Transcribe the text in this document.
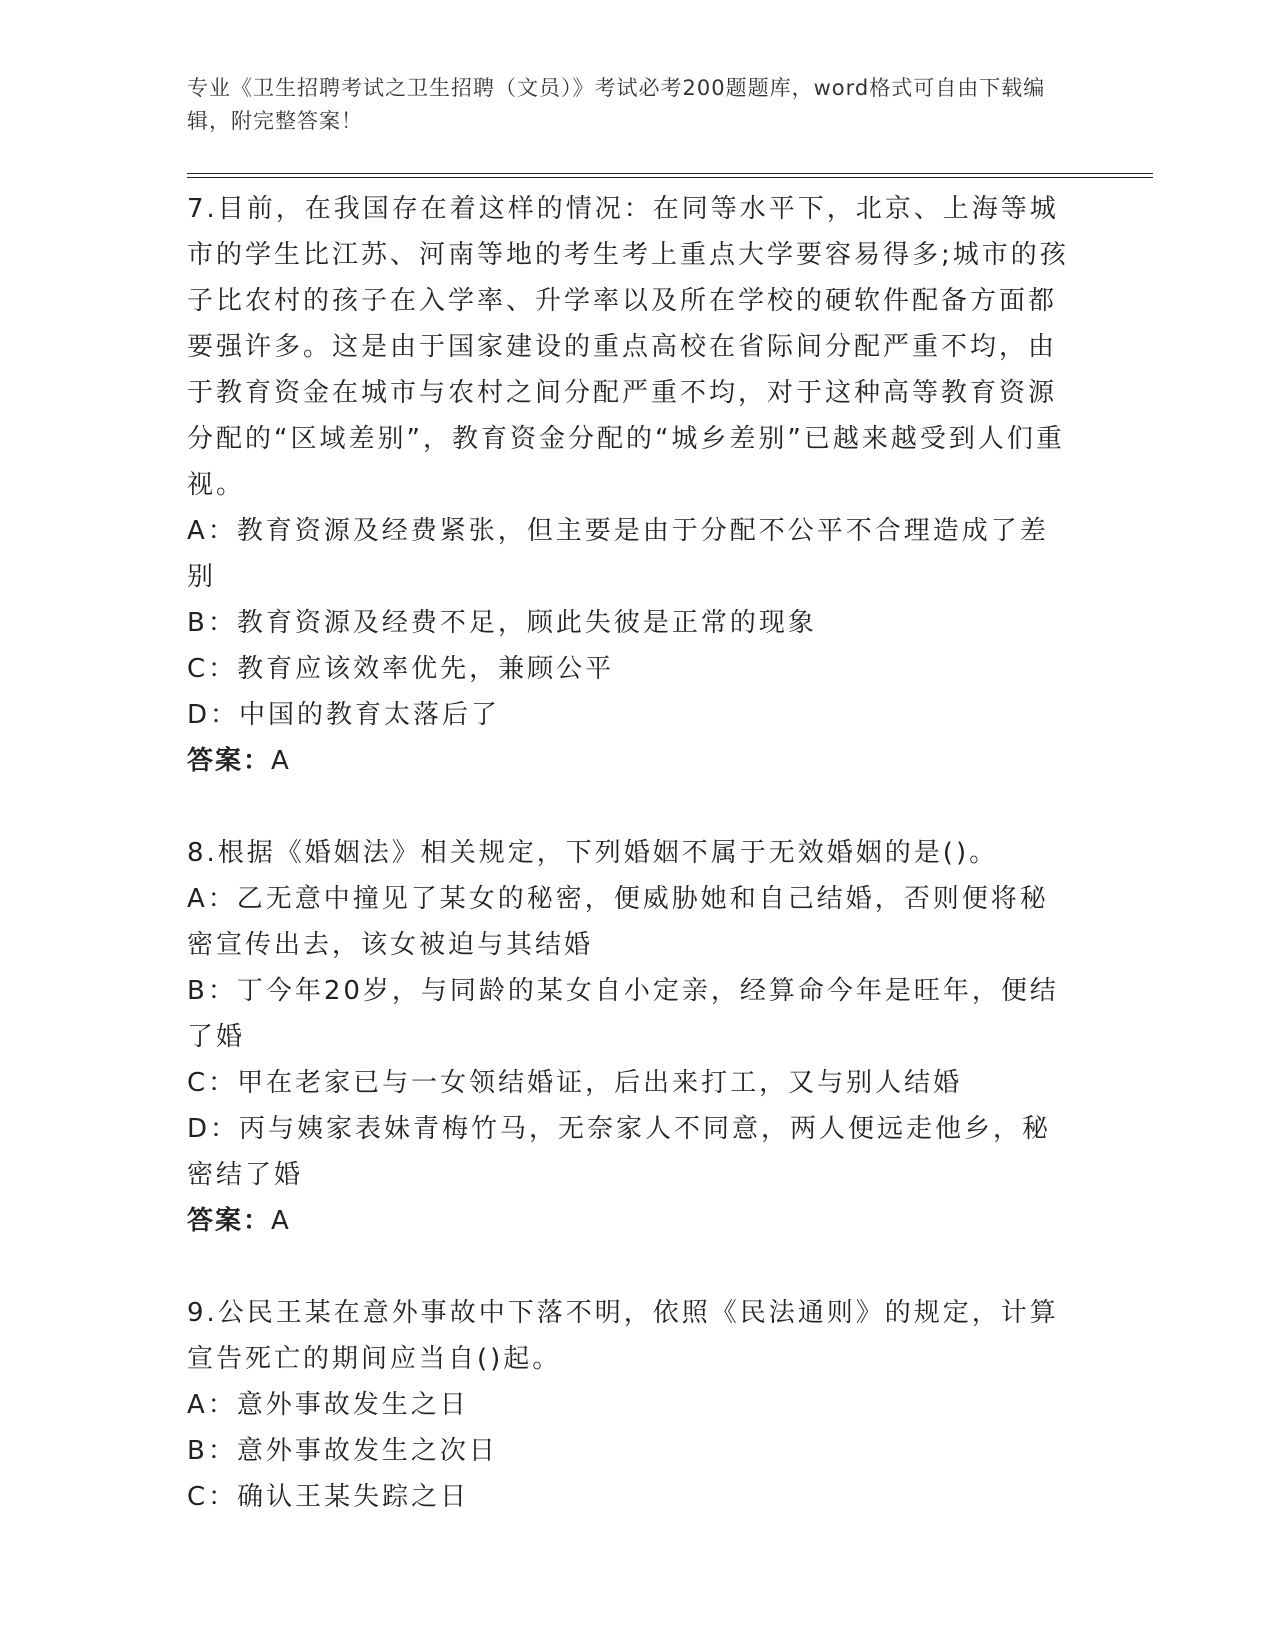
专业《卫生招聘考试之卫生招聘（文员）》考试必考200题题库，word格式可自由下载编辑，附完整答案！

7.目前，在我国存在着这样的情况：在同等水平下，北京、上海等城市的学生比江苏、河南等地的考生考上重点大学要容易得多;城市的孩子比农村的孩子在入学率、升学率以及所在学校的硬软件配备方面都要强许多。这是由于国家建设的重点高校在省际间分配严重不均，由于教育资金在城市与农村之间分配严重不均，对于这种高等教育资源分配的“区域差别”，教育资金分配的“城乡差别”已越来越受到人们重视。

A：教育资源及经费紧张，但主要是由于分配不公平不合理造成了差别

B：教育资源及经费不足，顾此失彼是正常的现象

C：教育应该效率优先，兼顾公平

D：中国的教育太落后了

答案：A

8.根据《婚姻法》相关规定，下列婚姻不属于无效婚姻的是()。

A：乙无意中撞见了某女的秘密，便威胁她和自己结婚，否则便将秘密宣传出去，该女被迫与其结婚

B：丁今年20岁，与同龄的某女自小定亲，经算命今年是旺年，便结了婚

C：甲在老家已与一女领结婚证，后出来打工，又与别人结婚

D：丙与姨家表妹青梅竹马，无奈家人不同意，两人便远走他乡，秘密结了婚

答案：A

9.公民王某在意外事故中下落不明，依照《民法通则》的规定，计算宣告死亡的期间应当自()起。

A：意外事故发生之日

B：意外事故发生之次日

C：确认王某失踪之日
